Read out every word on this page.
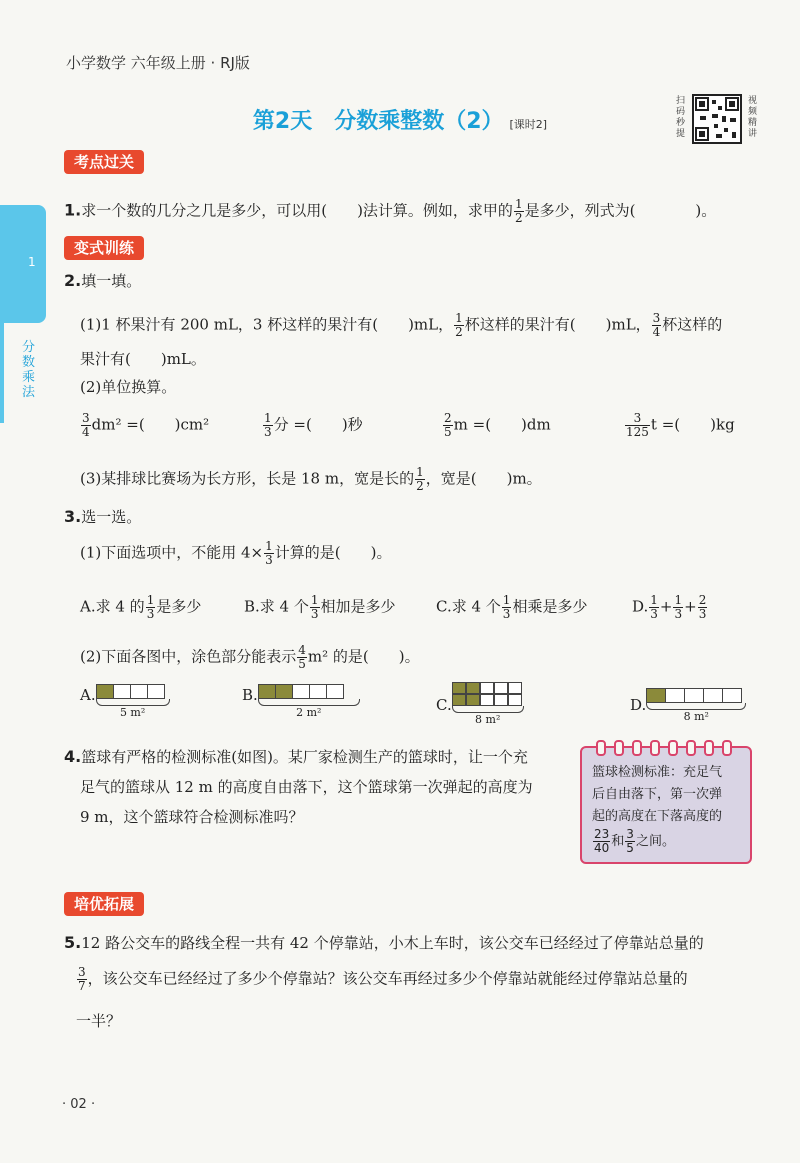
小学数学 六年级上册 · RJ版
第2天　分数乘整数（2） [课时2]
扫码秒提
视频精讲
1
分数乘法
考点过关
1.求一个数的几分之几是多少，可以用(　　)法计算。例如，求甲的 $\frac{1}{2}$ 是多少，列式为(　　　　)。
变式训练
2.填一填。
(1)1 杯果汁有 200 mL，3 杯这样的果汁有(　　)mL， $\frac{1}{2}$ 杯这样的果汁有(　　)mL， $\frac{3}{4}$ 杯这样的
果汁有(　　)mL。
(2)单位换算。
$\frac{3}{4} dm^2$ =(　　)cm²	$\frac{1}{3}$ 分 =(　　)秒	$\frac{2}{5}$ m =(　　)dm	$\frac{3}{125}$ t =(　　)kg
(3)某排球比赛场为长方形，长是 18 m，宽是长的 $\frac{1}{2}$ ，宽是(　　)m。
3.选一选。
(1)下面选项中，不能用 $4\times \frac{1}{3}$ 计算的是(　　)。
A.求 4 的 $\frac{1}{3}$ 是多少	B.求 4 个 $\frac{1}{3}$ 相加是多少	C.求 4 个 $\frac{1}{3}$ 相乘是多少	D. $\frac{1}{3} + \frac{1}{3} + \frac{2}{3}$
(2)下面各图中，涂色部分能表示 $\frac{4}{5} m^2$ 的是(　　)。
A.
5 m²
B.
2 m²	C.
8 m²
D.
8 m²
4.篮球有严格的检测标准(如图)。某厂家检测生产的篮球时，让一个充
足气的篮球从 12 m 的高度自由落下，这个篮球第一次弹起的高度为
9 m，这个篮球符合检测标准吗？
篮球检测标准：充足气
后自由落下，第一次弹
起的高度在下落高度的
$\frac{23}{40}$ 和 $\frac{3}{5}$ 之间。
培优拓展
5.12 路公交车的路线全程一共有 42 个停靠站，小木上车时，该公交车已经经过了停靠站总量的
$\frac{3}{7}$ ，该公交车已经经过了多少个停靠站？该公交车再经过多少个停靠站就能经过停靠站总量的
一半？
· 02 ·
